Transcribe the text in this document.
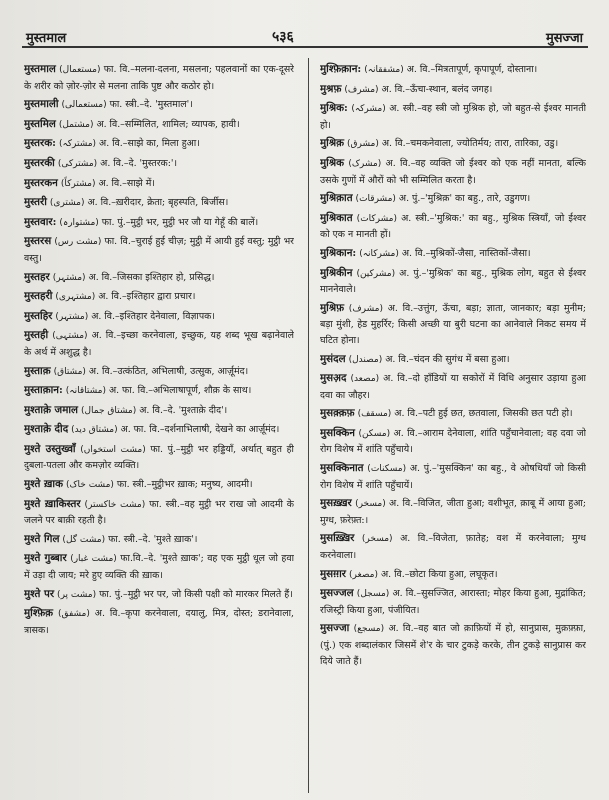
मुस्तमाल	५३६	मुसज्जा

मुस्तमाल (مستعمال) फा. वि.–मलना-दलना, मसलना; पहलवानों का एक-दूसरे के शरीर को ज़ोर-ज़ोर से मलना ताकि पुष्ट और कठोर हो।

मुस्तमाली (مستعمالی) फा. स्त्री.–दे. 'मुस्तमाल'।

मुस्तमिल (مشتمل) अ. वि.–सम्मिलित, शामिल; व्यापक, हावी।

मुस्तरक: (مشترکہ) अ. वि.–साझे का, मिला हुआ।

मुस्तरकी (مشترکی) अ. वि.–दे. 'मुस्तरक:'।

मुस्तरकन (مشترکاً) अ. वि.–साझे में।

मुस्तरी (مشتری) अ. वि.–ख़रीदार, क्रेता; बृहस्पति, बिर्जीस।

मुस्तवार: (مشتوارہ) फा. पुं.–मुट्ठी भर, मुट्ठी भर जौ या गेहूँ की बालें।

मुस्तरस (مشت رس) फा. वि.–चुराई हुई चीज़; मुट्ठी में आयी हुई वस्तु; मुट्ठी भर वस्तु।

मुस्तहर (مشتہر) अ. वि.–जिसका इश्तिहार हो, प्रसिद्ध।

मुस्तहरी (مشتہری) अ. वि.–इश्तिहार द्वारा प्रचार।

मुस्तहिर (مشتہر) अ. वि.–इश्तिहार देनेवाला, विज्ञापक।

मुस्तही (مشتہی) अ. वि.–इच्छा करनेवाला, इच्छुक, यह शब्द भूख बढ़ानेवाले के अर्थ में अशुद्ध है।

मुस्ताक़ (مشتاق) अ. वि.–उत्कंठित, अभिलाषी, उत्सुक, आर्ज़ूमंद।

मुस्ताक़ान: (مشتاقانہ) अ. फा. वि.–अभिलाषापूर्ण, शौक़ के साथ।

मुश्ताक़े जमाल (مشتاق جمال) अ. वि.–दे. 'मुश्ताक़े दीद'।

मुश्ताक़े दीद (مشتاق دید) अ. फा. वि.–दर्शनाभिलाषी, देखने का आर्ज़ूमंद।

मुश्ते उस्तुख्वाँ (مشت استخواں) फा. पुं.–मुट्ठी भर हड्डियाँ, अर्थात् बहुत ही दुबला-पतला और कमज़ोर व्यक्ति।

मुश्ते ख़ाक (مشت خاک) फा. स्त्री.–मुट्ठीभर ख़ाक; मनुष्य, आदमी।

मुश्ते ख़ाकिस्तर (مشت خاکستر) फा. स्त्री.–वह मुट्ठी भर राख जो आदमी के जलने पर बाक़ी रहती है।

मुश्ते गिल (مشت گل) फा. स्त्री.–दे. 'मुश्ते ख़ाक'।

मुश्ते गुब्बार (مشت غبار) फा.वि.–दे. 'मुश्ते ख़ाक'; वह एक मुट्ठी धूल जो हवा में उड़ा दी जाय; मरे हुए व्यक्ति की ख़ाक।

मुश्ते पर (مشت پر) फा. पुं.–मुट्ठी भर पर, जो किसी पक्षी को मारकर मिलते हैं।

मुश्फ़िक़ (مشفق) अ. वि.–कृपा करनेवाला, दयालु, मित्र, दोस्त; डरानेवाला, त्रासक।

मुश्फ़िक़ान: (مشفقانہ) अ. वि.–मित्रतापूर्ण, कृपापूर्ण, दोस्ताना।

मुश्रफ़ (مشرف) अ. वि.–ऊँचा-स्थान, बलंद जगह।

मुश्रिक: (مشرکہ) अ. स्त्री.–वह स्त्री जो मुश्रिक हो, जो बहुत-से ईश्वर मानती हो।

मुश्रिक़ (مشرق) अ. वि.–चमकनेवाला, ज्योतिर्मय; तारा, तारिका, उडु।

मुश्रिक (مشرک) अ. वि.–वह व्यक्ति जो ईश्वर को एक नहीं मानता, बल्कि उसके गुणों में औरों को भी सम्मिलित करता है।

मुश्रिक़ात (مشرقات) अ. पुं.–'मुश्रिक़' का बहु., तारे, उडुगण।

मुश्रिकात (مشرکات) अ. स्त्री.–'मुश्रिक:' का बहु., मुश्रिक स्त्रियाँ, जो ईश्वर को एक न मानती हों।

मुश्रिकान: (مشرکانہ) अ. वि.–मुश्रिकों-जैसा, नास्तिकों-जैसा।

मुश्रिकीन (مشرکین) अ. पुं.–'मुश्रिक' का बहु., मुश्रिक लोग, बहुत से ईश्वर माननेवाले।

मुश्रिफ़ (مشرف) अ. वि.–उत्तुंग, ऊँचा, बड़ा; ज्ञाता, जानकार; बड़ा मुनीम; बड़ा मुंशी, हेड मुहर्रिर; किसी अच्छी या बुरी घटना का आनेवाले निकट समय में घटित होना।

मुसंदल (مصندل) अ. वि.–चंदन की सुगंध में बसा हुआ।

मुसअ़द (مصعد) अ. वि.–दो हाँडियों या सकोरों में विधि अनुसार उड़ाया हुआ दवा का जौहर।

मुसक़्क़फ़ (مسقف) अ. वि.–पटी हुई छत, छतवाला, जिसकी छत पटी हो।

मुसक्किन (مسکن) अ. वि.–आराम देनेवाला, शांति पहुँचानेवाला; वह दवा जो रोग विशेष में शांति पहुँचाये।

मुसक्किनात (مسکنات) अ. पुं.–'मुसक्किन' का बहु., वे ओषधियाँ जो किसी रोग विशेष में शांति पहुँचायें।

मुसख़्ख़र (مسخر) अ. वि.–विजित, जीता हुआ; वशीभूत, क़ाबू में आया हुआ; मुग्ध, फ़रेफ़्त:।

मुसख़्ख़िर (مسخر) अ. वि.–विजेता, फ़ातेह; वश में करनेवाला; मुग्ध करनेवाला।

मुसग़्ग़र (مصغر) अ. वि.–छोटा किया हुआ, लघूकृत।

मुसज्जल (مسجل) अ. वि.–सुसज्जित, आरास्ता; मोहर किया हुआ, मुद्रांकित; रजिस्ट्री किया हुआ, पंजीयित।

मुसज्जा (مسجع) अ. वि.–वह बात जो क़ाफ़ियों में हो, सानुप्रास, मुक़फ़्फ़ा, (पुं.) एक शब्दालंकार जिसमें शे'र के चार टुकड़े करके, तीन टुकड़े सानुप्रास कर दिये जाते हैं।
